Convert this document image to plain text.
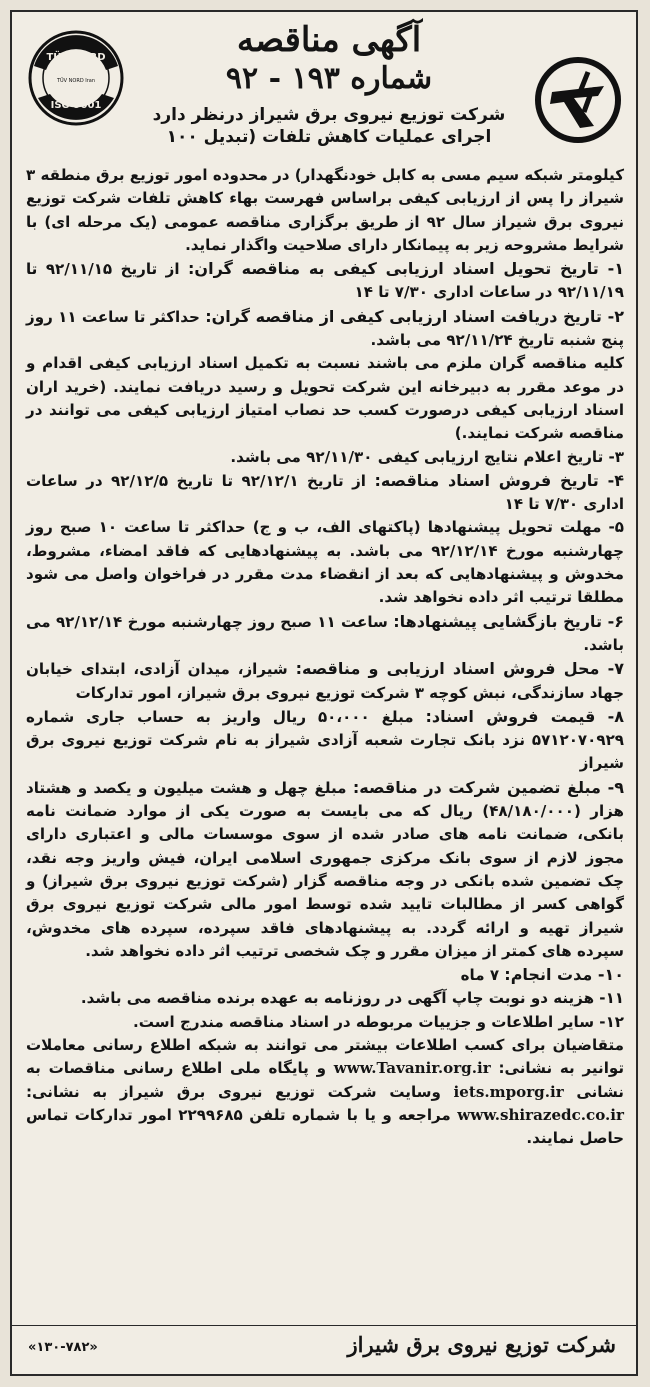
TÜV NORD
TÜV NORD Iran
ISO 9001
آگهی مناقصه
شماره ۱۹۳ - ۹۲
شرکت توزیع نیروی برق شیراز درنظر دارد
اجرای عملیات کاهش تلفات (تبدیل ۱۰۰

کیلومتر شبکه سیم مسی به کابل خودنگهدار) در محدوده امور توزیع برق منطقه ۳ شیراز را پس از ارزیابی کیفی براساس فهرست بهاء کاهش تلفات شرکت توزیع نیروی برق شیراز سال ۹۲ از طریق برگزاری مناقصه عمومی (یک مرحله ای) با شرایط مشروحه زیر به پیمانکار دارای صلاحیت واگذار نماید.

۱- تاریخ تحویل اسناد ارزیابی کیفی به مناقصه گران: از تاریخ ۹۲/۱۱/۱۵ تا ۹۲/۱۱/۱۹ در ساعات اداری ۷/۳۰ تا ۱۴

۲- تاریخ دریافت اسناد ارزیابی کیفی از مناقصه گران: حداکثر تا ساعت ۱۱ روز پنج شنبه تاریخ ۹۲/۱۱/۲۴ می باشد.

کلیه مناقصه گران ملزم می باشند نسبت به تکمیل اسناد ارزیابی کیفی اقدام و در موعد مقرر به دبیرخانه این شرکت تحویل و رسید دریافت نمایند. (خرید اران اسناد ارزیابی کیفی درصورت کسب حد نصاب امتیاز ارزیابی کیفی می توانند در مناقصه شرکت نمایند.)

۳- تاریخ اعلام نتایج ارزیابی کیفی ۹۲/۱۱/۳۰ می باشد.

۴- تاریخ فروش اسناد مناقصه: از تاریخ ۹۲/۱۲/۱ تا تاریخ ۹۲/۱۲/۵ در ساعات اداری ۷/۳۰ تا ۱۴

۵- مهلت تحویل پیشنهادها (پاکتهای الف، ب و ج) حداکثر تا ساعت ۱۰ صبح روز چهارشنبه مورخ ۹۲/۱۲/۱۴ می باشد. به پیشنهادهایی که فاقد امضاء، مشروط، مخدوش و پیشنهادهایی که بعد از انقضاء مدت مقرر در فراخوان واصل می شود مطلقا ترتیب اثر داده نخواهد شد.

۶- تاریخ بازگشایی پیشنهادها: ساعت ۱۱ صبح روز چهارشنبه مورخ ۹۲/۱۲/۱۴ می باشد.

۷- محل فروش اسناد ارزیابی و مناقصه: شیراز، میدان آزادی، ابتدای خیابان جهاد سازندگی، نبش کوچه ۳ شرکت توزیع نیروی برق شیراز، امور تدارکات

۸- قیمت فروش اسناد: مبلغ ۵۰،۰۰۰ ریال واریز به حساب جاری شماره ۵۷۱۲۰۷۰۹۲۹ نزد بانک تجارت شعبه آزادی شیراز به نام شرکت توزیع نیروی برق شیراز

۹- مبلغ تضمین شرکت در مناقصه: مبلغ چهل و هشت میلیون و یکصد و هشتاد هزار (۴۸/۱۸۰/۰۰۰) ریال که می بایست به صورت یکی از موارد ضمانت نامه بانکی، ضمانت نامه های صادر شده از سوی موسسات مالی و اعتباری دارای مجوز لازم از سوی بانک مرکزی جمهوری اسلامی ایران، فیش واریز وجه نقد، چک تضمین شده بانکی در وجه مناقصه گزار (شرکت توزیع نیروی برق شیراز) و گواهی کسر از مطالبات تایید شده توسط امور مالی شرکت توزیع نیروی برق شیراز تهیه و ارائه گردد. به پیشنهادهای فاقد سپرده، سپرده های مخدوش، سپرده های کمتر از میزان مقرر و چک شخصی ترتیب اثر داده نخواهد شد.

۱۰- مدت انجام: ۷ ماه

۱۱- هزینه دو نوبت چاپ آگهی در روزنامه به عهده برنده مناقصه می باشد.

۱۲- سایر اطلاعات و جزییات مربوطه در اسناد مناقصه مندرج است.

متقاضیان برای کسب اطلاعات بیشتر می توانند به شبکه اطلاع رسانی معاملات توانیر به نشانی: www.Tavanir.org.ir و پایگاه ملی اطلاع رسانی مناقصات به نشانی iets.mporg.ir وسایت شرکت توزیع نیروی برق شیراز به نشانی: www.shirazedc.co.ir مراجعه و یا با شماره تلفن ۲۲۹۹۶۸۵ امور تدارکات تماس حاصل نمایند.

شرکت توزیع نیروی برق شیراز
«۱۳۰-۷۸۲»
